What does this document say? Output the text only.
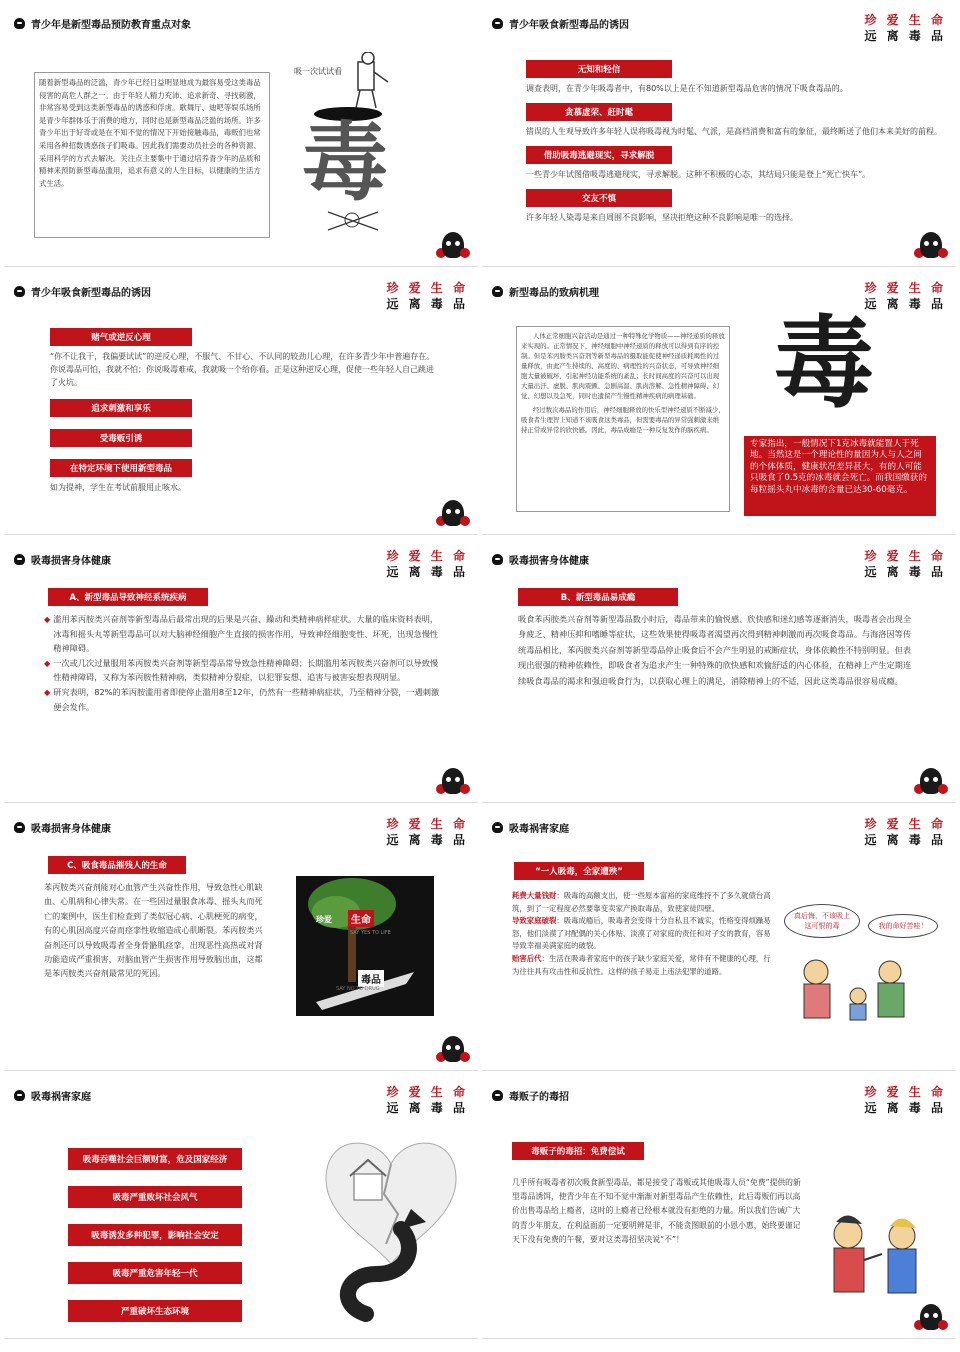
青少年是新型毒品预防教育重点对象
随着新型毒品的泛滥，青少年已经日益明显地成为最容易受这类毒品侵害的高危人群之一。由于年轻人精力充沛、追求新奇、寻找刺激，非常容易受到这类新型毒品的诱惑和俘虏。歌舞厅、迪吧等娱乐场所是青少年群体乐于消费的地方，同时也是新型毒品泛滥的场所。许多青少年出于好奇或是在不知不觉的情况下开始接触毒品，毒贩们也常采用各种招数诱惑孩子们吸毒。因此我们需要动员社会的各种资源、采用科学的方式去解决。关注点主要集中于通过培养青少年的品质和精神来预防新型毒品滥用，追求有意义的人生目标，以健康的生活方式生活。
吸一次试试看
毒
青少年吸食新型毒品的诱因	珍 爱 生 命
远 离 毒 品
无知和轻信
调查表明，在青少年吸毒者中，有80%以上是在不知道新型毒品危害的情况下吸食毒品的。
贪慕虚荣、赶时髦
错误的人生观导致许多年轻人误将吸毒视为时髦、气派，是高档消费和富有的象征，最终断送了他们本来美好的前程。
借助吸毒逃避现实，寻求解脱
一些青少年试图借吸毒逃避现实，寻求解脱。这种不积极的心态，其结局只能是登上“死亡快车”。
交友不慎
许多年轻人染毒是来自周围不良影响，坚决拒绝这种不良影响是唯一的选择。
青少年吸食新型毒品的诱因	珍 爱 生 命
远 离 毒 品
赌气或逆反心理
“你不让我干，我偏要试试”的逆反心理，不服气、不甘心、不认同的较劲儿心理，在许多青少年中普遍存在。你说毒品可怕，我就不怕；你说吸毒难戒，我就吸一个给你看。正是这种逆反心理，促使一些年轻人自己跳进了火坑。
追求刺激和享乐
受毒贩引诱
在特定环境下使用新型毒品
如为提神，学生在考试前服用止咳水。
新型毒品的致病机理	珍 爱 生 命
远 离 毒 品
人体正常细胞兴奋活动是通过一种特殊化学物质——神经递质的释放来实现的。正常情况下，神经细胞中神经递质的释放可以得到有序的控制。但是苯丙胺类兴奋剂等新型毒品的摄取能促使神经递质耗竭性的过量释放，由此产生持续的、高度的、病理性的兴奋状态，可导致神经细胞大量被破坏，引起神经功能系统的紊乱；长时间高度的兴奋可以出现大量出汗、虚脱、肌肉震颤、急剧高温、肌肉溶解、急性精神障碍、幻觉、幻想以及急死，同时也遗留产生慢性精神疾病的病理基础。
经过数次毒品的作用后，神经细胞释放的快乐型神经递质不断减少，吸食者生理智上知道不该吸食这类毒品，但需要毒品的异常强刺激来维持正常或异常的欣快感。因此，毒品成瘾是一种反复发作的脑疾病。
毒
专家指出，一般情况下1克冰毒就能置人于死地。当然这是一个理论性的量因为人与人之间的个体体质，健康状况差异甚大，有的人可能只吸食了0.5克的冰毒就会死亡。而我国缴获的每粒摇头丸中冰毒的含量已达30-60毫克。
吸毒损害身体健康	珍 爱 生 命
远 离 毒 品
A、新型毒品导致神经系统疾病
◆ 滥用苯丙胺类兴奋剂等新型毒品后最常出现的后果是兴奋、躁动和类精神病样症状。大量的临床资料表明，冰毒和摇头丸等新型毒品可以对大脑神经细胞产生直接的损害作用，导致神经细胞变性、坏死，出现急慢性精神障碍。
◆ 一次或几次过量服用苯丙胺类兴奋剂等新型毒品常导致急性精神障碍；长期滥用苯丙胺类兴奋剂可以导致慢性精神障碍，又称为苯丙胺性精神病，类似精神分裂症，以犯罪妄想、追害与被害妄想表现明显。
◆ 研究表明，82%的苯丙胺滥用者即使停止滥用8至12年，仍然有一些精神病症状，乃至精神分裂，一遇刺激便会发作。
吸毒损害身体健康	珍 爱 生 命
远 离 毒 品
B、新型毒品易成瘾
吸食苯丙胺类兴奋剂等新型毒品数小时后，毒品带来的愉悦感、欣快感和迷幻感等逐渐消失，吸毒者会出现全身疲乏、精神压抑和嗜睡等症状，这些效果使得吸毒者渴望再次得到精神刺激而再次吸食毒品。与海洛因等传统毒品相比，苯丙胺类兴奋剂等新型毒品停止吸食后不会产生明显的戒断症状，身体依赖性不特别明显。但表现出很强的精神依赖性，即吸食者为追求产生一种特殊的欣快感和欢愉舒适的内心体验，在精神上产生定期连续吸食毒品的渴求和强迫吸食行为，以获取心理上的满足，消除精神上的不适，因此这类毒品很容易成瘾。
吸毒损害身体健康	珍 爱 生 命
远 离 毒 品
C、吸食毒品摧残人的生命
苯丙胺类兴奋剂能对心血管产生兴奋性作用，导致急性心肌缺血、心肌病和心律失常。在一些因过量服食冰毒、摇头丸而死亡的案例中，医生们检查到了类似冠心病、心肌梗死的病变，有的心肌因高度兴奋而痉挛性收缩造成心肌断裂。苯丙胺类兴奋剂还可以导致吸毒者全身骨骼肌痉挛，出现恶性高热或对肾功能造成严重损害，对脑血管产生损害作用导致脑出血，这都是苯丙胺类兴奋剂最常见的死因。
珍爱	生命
SAY YES TO LIFE
毒品
SAY NO TO DRUG
吸毒祸害家庭	珍 爱 生 命
远 离 毒 品
“一人吸毒，全家遭殃”
耗费大量钱财：吸毒的高额支出，使一些原本富裕的家庭维持不了多久就债台高筑，到了一定程度必然要靠变卖家产换取毒品，致使家徒四壁。
导致家庭破裂：吸毒成瘾后，吸毒者会变得十分自私且不诚实，性格变得烦躁易怒，他们淡漠了对配偶的关心体贴、淡漠了对家庭的责任和对子女的教育，容易导致幸福美满家庭的破裂。
贻害后代：生活在吸毒者家庭中的孩子缺少家庭关爱，常伴有不健康的心理，行为往往具有攻击性和反抗性。这样的孩子易走上违法犯罪的道路。
真后悔，不该吸上这可恨的毒	我的命好苦哇！
吸毒祸害家庭	珍 爱 生 命
远 离 毒 品
吸毒吞噬社会巨额财富，危及国家经济
吸毒严重败坏社会风气
吸毒诱发多种犯罪，影响社会安定
吸毒严重危害年轻一代
严重破坏生态环境
毒
毒贩子的毒招	珍 爱 生 命
远 离 毒 品
毒贩子的毒招：免费偿试
几乎所有吸毒者初次吸食新型毒品，都是接受了毒贩或其他吸毒人员“免费”提供的新型毒品诱饵，使青少年在不知不觉中渐渐对新型毒品产生依赖性，此后毒贩们再以高价出售毒品给上瘾者，这时的上瘾者已经根本就没有拒绝的力量。所以我们告诫广大的青少年朋友，在利益面前一定要明辨是非，不能贪图眼前的小恩小惠，始终要谨记天下没有免费的午餐，要对这类毒招坚决说“不”！
